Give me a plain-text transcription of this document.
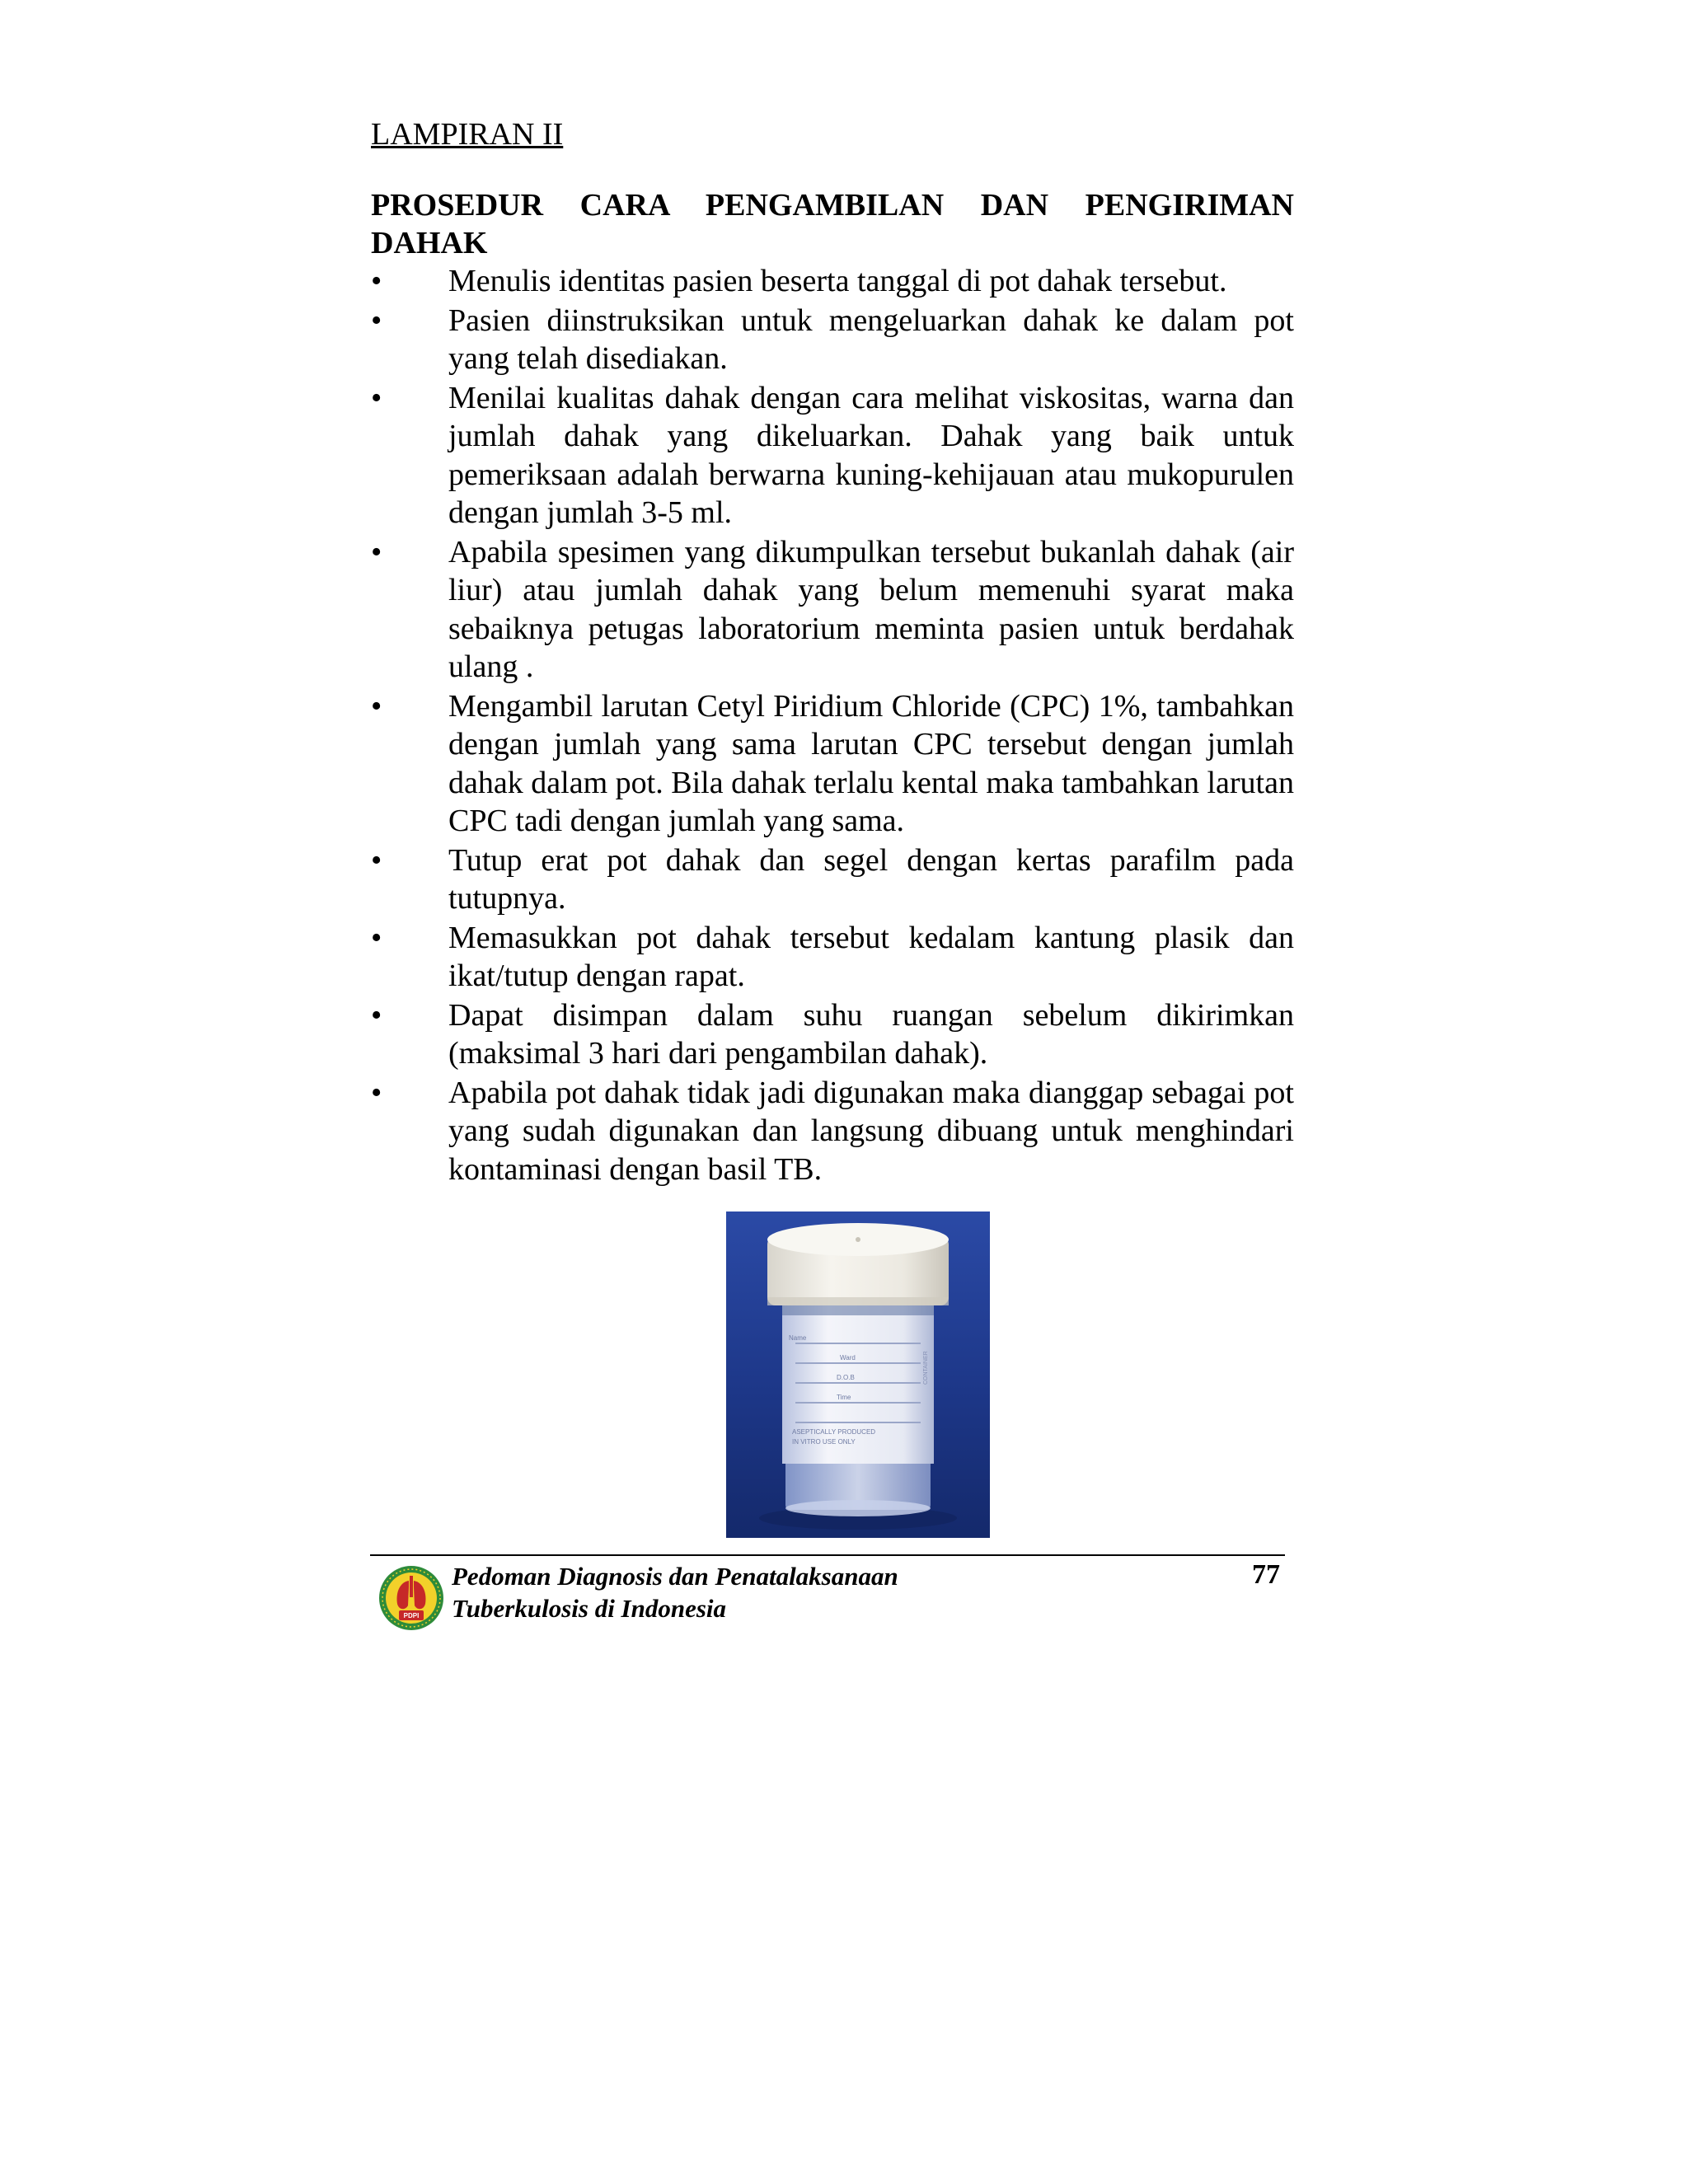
LAMPIRAN II

PROSEDUR CARA PENGAMBILAN DAN PENGIRIMAN
DAHAK
• Menulis identitas pasien beserta tanggal di pot dahak tersebut.
• Pasien diinstruksikan untuk mengeluarkan dahak ke dalam pot yang telah disediakan.
• Menilai kualitas dahak dengan cara melihat viskositas, warna dan jumlah dahak yang dikeluarkan. Dahak yang baik untuk pemeriksaan adalah berwarna kuning-kehijauan atau mukopurulen dengan jumlah 3-5 ml.
• Apabila spesimen yang dikumpulkan tersebut bukanlah dahak (air liur) atau jumlah dahak yang belum memenuhi syarat maka sebaiknya petugas laboratorium meminta pasien untuk berdahak ulang .
• Mengambil larutan Cetyl Piridium Chloride (CPC) 1%, tambahkan dengan jumlah yang sama larutan CPC tersebut dengan jumlah dahak dalam pot. Bila dahak terlalu kental maka tambahkan larutan CPC tadi dengan jumlah yang sama.
• Tutup erat pot dahak dan segel dengan kertas parafilm pada tutupnya.
• Memasukkan pot dahak tersebut kedalam kantung plasik dan ikat/tutup dengan rapat.
• Dapat disimpan dalam suhu ruangan sebelum dikirimkan (maksimal 3 hari dari pengambilan dahak).
• Apabila pot dahak tidak jadi digunakan maka dianggap sebagai pot yang sudah digunakan dan langsung dibuang untuk menghindari kontaminasi dengan basil TB.
Name
Ward
D.O.B
Time
ASEPTICALLY PRODUCED
IN VITRO USE ONLY
CONTAINER
PDPI
Pedoman Diagnosis dan Penatalaksanaan
Tuberkulosis di Indonesia
77
